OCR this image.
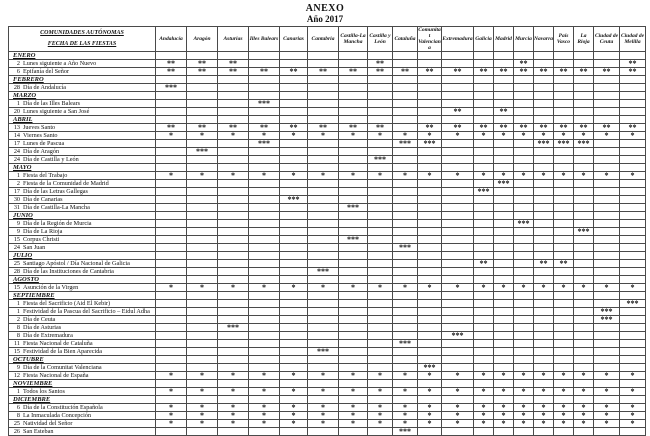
ANEXO
Año 2017
COMUNIDADES AUTÓNOMAS
FECHA DE LAS FIESTAS	Andalucía	Aragón	Asturias	Illes Balears	Canarias	Cantabria	Castilla-La Mancha	Castilla y León	Cataluña	Comunitat Valenciana	Extremadura	Galicia	Madrid	Murcia	Navarra	País Vasco	La Rioja	Ciudad de Ceuta	Ciudad de Melilla
ENERO																			
2 Lunes siguiente a Año Nuevo	**	**	**					**						**					**
6 Epifanía del Señor	**	**	**	**	**	**	**	**	**	**	**	**	**	**	**	**	**	**	**
FEBRERO																			
28 Día de Andalucía	***																		
MARZO																			
1 Día de las Illes Balears				***															
20 Lunes siguiente a San José											**		**						
ABRIL																			
13 Jueves Santo	**	**	**	**	**	**	**	**		**	**	**	**	**	**	**	**	**	**
14 Viernes Santo	*	*	*	*	*	*	*	*	*	*	*	*	*	*	*	*	*	*	*
17 Lunes de Pascua				***					***	***					***	***	***		
24 Día de Aragón		***																	
24 Día de Castilla y León								***											
MAYO																			
1 Fiesta del Trabajo	*	*	*	*	*	*	*	*	*	*	*	*	*	*	*	*	*	*	*
2 Fiesta de la Comunidad de Madrid													***						
17 Día de las Letras Gallegas												***							
30 Día de Canarias					***														
31 Día de Castilla-La Mancha							***												
JUNIO																			
9 Día de la Región de Murcia														***					
9 Día de La Rioja																	***		
15 Corpus Christi							***												
24 San Juan									***										
JULIO																			
25 Santiago Apóstol / Día Nacional de Galicia												**			**	**			
28 Día de las Instituciones de Cantabria						***													
AGOSTO																			
15 Asunción de la Virgen	*	*	*	*	*	*	*	*	*	*	*	*	*	*	*	*	*	*	*
SEPTIEMBRE																			
1 Fiesta del Sacrificio (Aid El Kebir)																			***
1 Festividad de la Pascua del Sacrificio – Eidul Adha																		***	
2 Día de Ceuta																		***	
8 Día de Asturias			***																
8 Día de Extremadura											***								
11 Fiesta Nacional de Cataluña									***										
15 Festividad de la Bien Aparecida						***													
OCTUBRE																			
9 Día de la Comunitat Valenciana										***									
12 Fiesta Nacional de España	*	*	*	*	*	*	*	*	*	*	*	*	*	*	*	*	*	*	*
NOVIEMBRE																			
1 Todos los Santos	*	*	*	*	*	*	*	*	*	*	*	*	*	*	*	*	*	*	*
DICIEMBRE																			
6 Día de la Constitución Española	*	*	*	*	*	*	*	*	*	*	*	*	*	*	*	*	*	*	*
8 La Inmaculada Concepción	*	*	*	*	*	*	*	*	*	*	*	*	*	*	*	*	*	*	*
25 Natividad del Señor	*	*	*	*	*	*	*	*	*	*	*	*	*	*	*	*	*	*	*
26 San Esteban									***										
